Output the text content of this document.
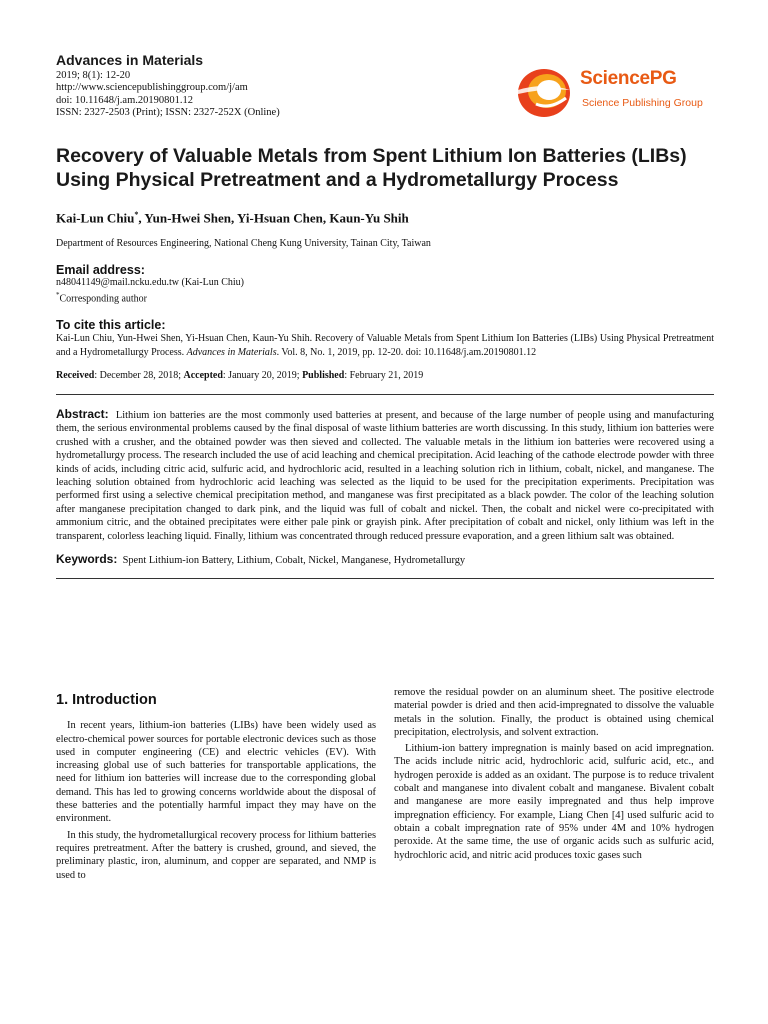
Advances in Materials
2019; 8(1): 12-20
http://www.sciencepublishinggroup.com/j/am
doi: 10.11648/j.am.20190801.12
ISSN: 2327-2503 (Print); ISSN: 2327-252X (Online)
SciencePG
Science Publishing Group
Recovery of Valuable Metals from Spent Lithium Ion Batteries (LIBs) Using Physical Pretreatment and a Hydrometallurgy Process
Kai-Lun Chiu*, Yun-Hwei Shen, Yi-Hsuan Chen, Kaun-Yu Shih
Department of Resources Engineering, National Cheng Kung University, Tainan City, Taiwan
Email address:
n48041149@mail.ncku.edu.tw (Kai-Lun Chiu)
*Corresponding author
To cite this article:
Kai-Lun Chiu, Yun-Hwei Shen, Yi-Hsuan Chen, Kaun-Yu Shih. Recovery of Valuable Metals from Spent Lithium Ion Batteries (LIBs) Using Physical Pretreatment and a Hydrometallurgy Process. Advances in Materials. Vol. 8, No. 1, 2019, pp. 12-20. doi: 10.11648/j.am.20190801.12
Received: December 28, 2018; Accepted: January 20, 2019; Published: February 21, 2019
Abstract: Lithium ion batteries are the most commonly used batteries at present, and because of the large number of people using and manufacturing them, the serious environmental problems caused by the final disposal of waste lithium batteries are worth discussing. In this study, lithium ion batteries were crushed with a crusher, and the obtained powder was then sieved and collected. The valuable metals in the lithium ion batteries were recovered using a hydrometallurgy process. The research included the use of acid leaching and chemical precipitation. Acid leaching of the cathode electrode powder with three kinds of acids, including citric acid, sulfuric acid, and hydrochloric acid, resulted in a leaching solution rich in lithium, cobalt, nickel, and manganese. The leaching solution obtained from hydrochloric acid leaching was selected as the liquid to be used for the precipitation experiments. Precipitation was performed first using a selective chemical precipitation method, and manganese was first precipitated as a black powder. The color of the leaching solution after manganese precipitation changed to dark pink, and the liquid was full of cobalt and nickel. Then, the cobalt and nickel were co-precipitated with ammonium citric, and the obtained precipitates were either pale pink or grayish pink. After precipitation of cobalt and nickel, only lithium was left in the transparent, colorless leaching liquid. Finally, lithium was concentrated through reduced pressure evaporation, and a green lithium salt was obtained.
Keywords: Spent Lithium-ion Battery, Lithium, Cobalt, Nickel, Manganese, Hydrometallurgy
1. Introduction

In recent years, lithium-ion batteries (LIBs) have been widely used as electro-chemical power sources for portable electronic devices such as those used in computer engineering (CE) and electric vehicles (EV). With increasing global use of such batteries for transportable applications, the need for lithium ion batteries will increase due to the corresponding global demand. This has led to growing concerns worldwide about the disposal of these batteries and the potentially harmful impact they may have on the environment.

In this study, the hydrometallurgical recovery process for lithium batteries requires pretreatment. After the battery is crushed, ground, and sieved, the preliminary plastic, iron, aluminum, and copper are separated, and NMP is used to

remove the residual powder on an aluminum sheet. The positive electrode material powder is dried and then acid-impregnated to dissolve the valuable metals in the solution. Finally, the product is obtained using chemical precipitation, electrolysis, and solvent extraction.

Lithium-ion battery impregnation is mainly based on acid impregnation. The acids include nitric acid, hydrochloric acid, sulfuric acid, etc., and hydrogen peroxide is added as an oxidant. The purpose is to reduce trivalent cobalt and manganese into divalent cobalt and manganese. Bivalent cobalt and manganese are more easily impregnated and thus help improve impregnation efficiency. For example, Liang Chen [4] used sulfuric acid to obtain a cobalt impregnation rate of 95% under 4M and 10% hydrogen peroxide. At the same time, the use of organic acids such as sulfuric acid, hydrochloric acid, and nitric acid produces toxic gases such
